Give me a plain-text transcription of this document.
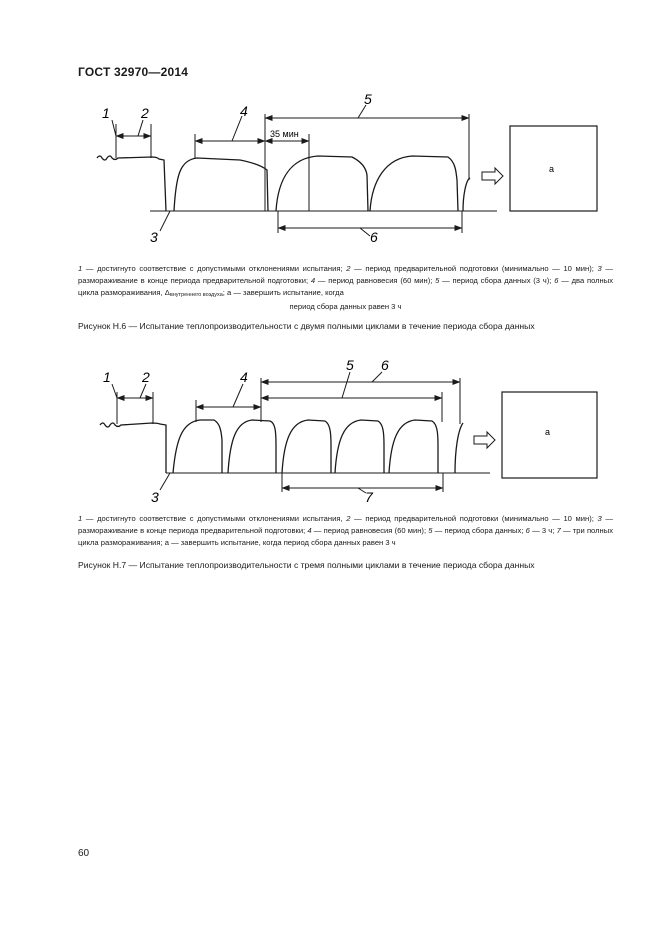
ГОСТ 32970—2014
1 2
3
4
5
6
35 мин
a
1 — достигнуто соответствие с допустимыми отклонениями испытания; 2 — период предварительной подготовки (минимально — 10 мин); 3 — размораживание в конце периода предварительной подготовки; 4 — период равновесия (60 мин); 5 — период сбора данных (3 ч); 6 — два полных цикла размораживания, $\Delta_{внутреннего воздуха}$; а — завершить испытание, когда
период сбора данных равен 3 ч
Рисунок Н.6 — Испытание теплопроизводительности с двумя полными циклами в течение периода сбора данных
1 2
3
4
5 6
7
a
1 — достигнуто соответствие с допустимыми отклонениями испытания, 2 — период предварительной подготовки (минимально — 10 мин); 3 — размораживание в конце периода предварительной подготовки; 4 — период равновесия (60 мин); 5 — период сбора данных; 6 — 3 ч; 7 — три полных цикла размораживания; а — завершить испытание, когда период сбора данных равен 3 ч
Рисунок Н.7 — Испытание теплопроизводительности с тремя полными циклами в течение периода сбора данных
60
